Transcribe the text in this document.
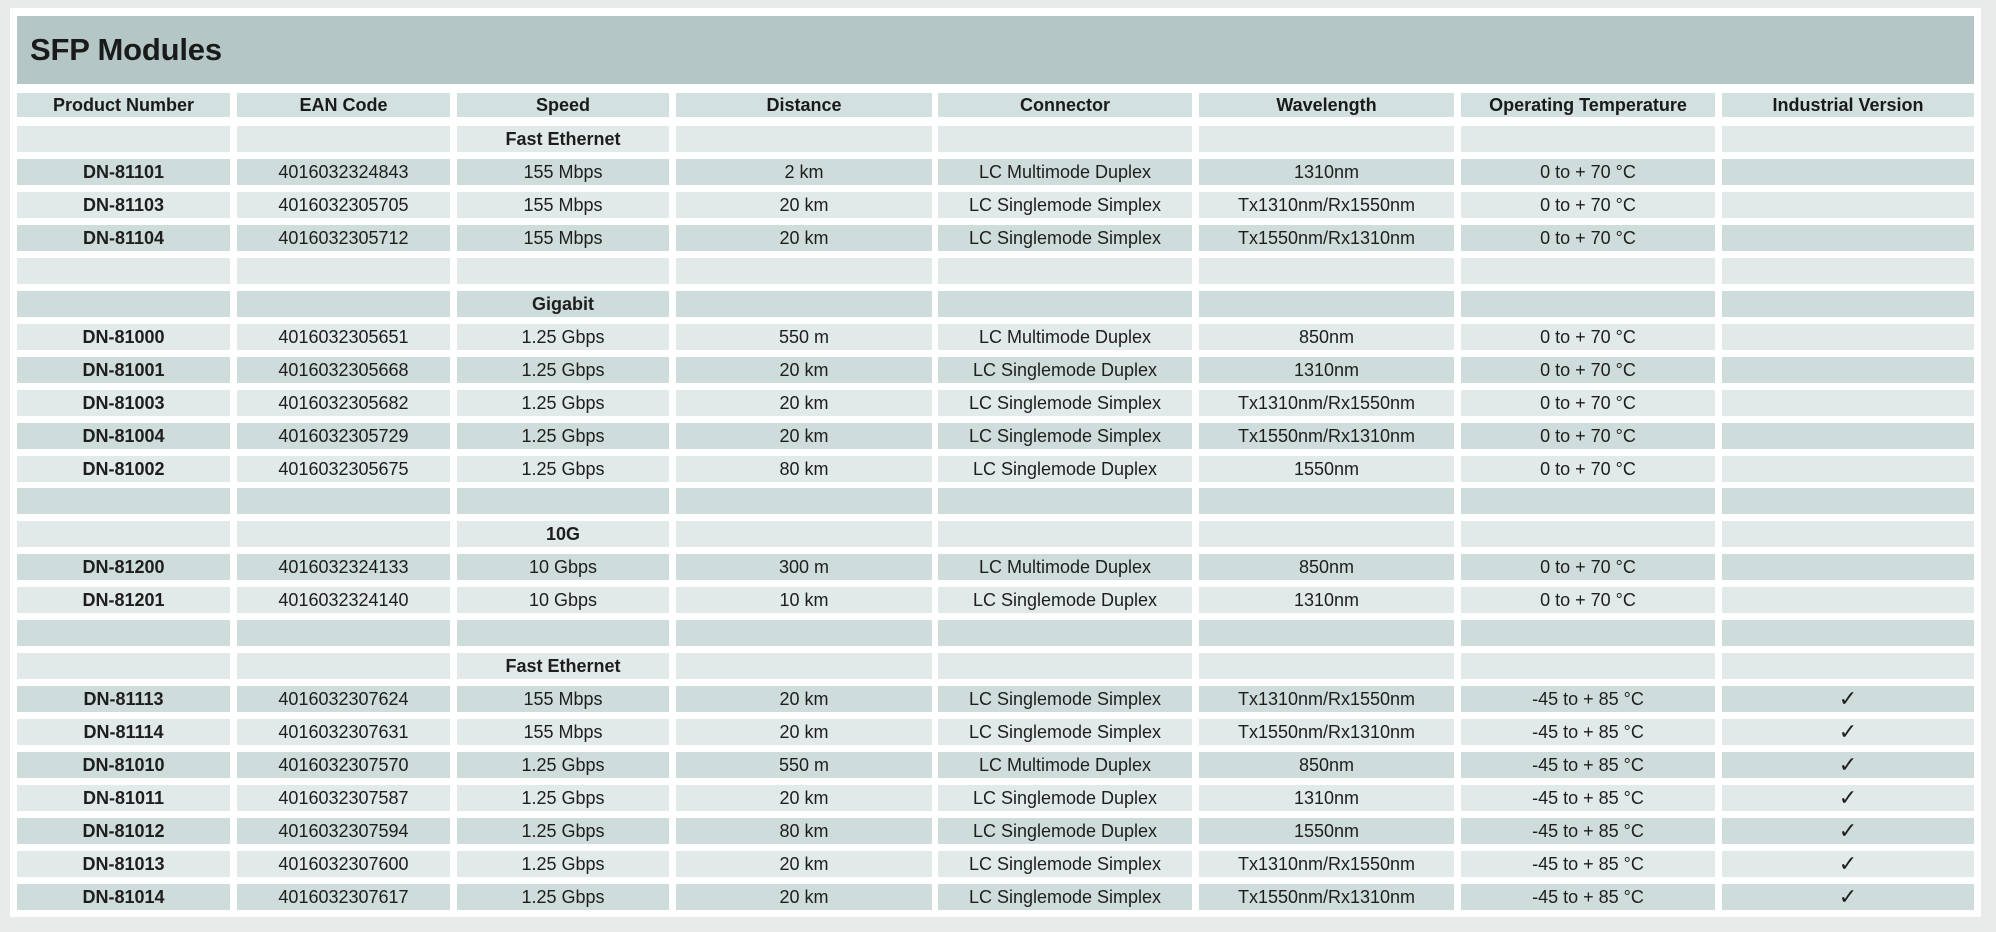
SFP Modules
Product Number	EAN Code	Speed	Distance	Connector	Wavelength	Operating Temperature	Industrial Version
Fast Ethernet
DN-81101	4016032324843	155 Mbps	2 km	LC Multimode Duplex	1310nm	0 to + 70 °C
DN-81103	4016032305705	155 Mbps	20 km	LC Singlemode Simplex	Tx1310nm/Rx1550nm	0 to + 70 °C
DN-81104	4016032305712	155 Mbps	20 km	LC Singlemode Simplex	Tx1550nm/Rx1310nm	0 to + 70 °C
Gigabit
DN-81000	4016032305651	1.25 Gbps	550 m	LC Multimode Duplex	850nm	0 to + 70 °C
DN-81001	4016032305668	1.25 Gbps	20 km	LC Singlemode Duplex	1310nm	0 to + 70 °C
DN-81003	4016032305682	1.25 Gbps	20 km	LC Singlemode Simplex	Tx1310nm/Rx1550nm	0 to + 70 °C
DN-81004	4016032305729	1.25 Gbps	20 km	LC Singlemode Simplex	Tx1550nm/Rx1310nm	0 to + 70 °C
DN-81002	4016032305675	1.25 Gbps	80 km	LC Singlemode Duplex	1550nm	0 to + 70 °C
10G
DN-81200	4016032324133	10 Gbps	300 m	LC Multimode Duplex	850nm	0 to + 70 °C
DN-81201	4016032324140	10 Gbps	10 km	LC Singlemode Duplex	1310nm	0 to + 70 °C
Fast Ethernet
DN-81113	4016032307624	155 Mbps	20 km	LC Singlemode Simplex	Tx1310nm/Rx1550nm	-45 to + 85 °C	✓
DN-81114	4016032307631	155 Mbps	20 km	LC Singlemode Simplex	Tx1550nm/Rx1310nm	-45 to + 85 °C	✓
DN-81010	4016032307570	1.25 Gbps	550 m	LC Multimode Duplex	850nm	-45 to + 85 °C	✓
DN-81011	4016032307587	1.25 Gbps	20 km	LC Singlemode Duplex	1310nm	-45 to + 85 °C	✓
DN-81012	4016032307594	1.25 Gbps	80 km	LC Singlemode Duplex	1550nm	-45 to + 85 °C	✓
DN-81013	4016032307600	1.25 Gbps	20 km	LC Singlemode Simplex	Tx1310nm/Rx1550nm	-45 to + 85 °C	✓
DN-81014	4016032307617	1.25 Gbps	20 km	LC Singlemode Simplex	Tx1550nm/Rx1310nm	-45 to + 85 °C	✓
